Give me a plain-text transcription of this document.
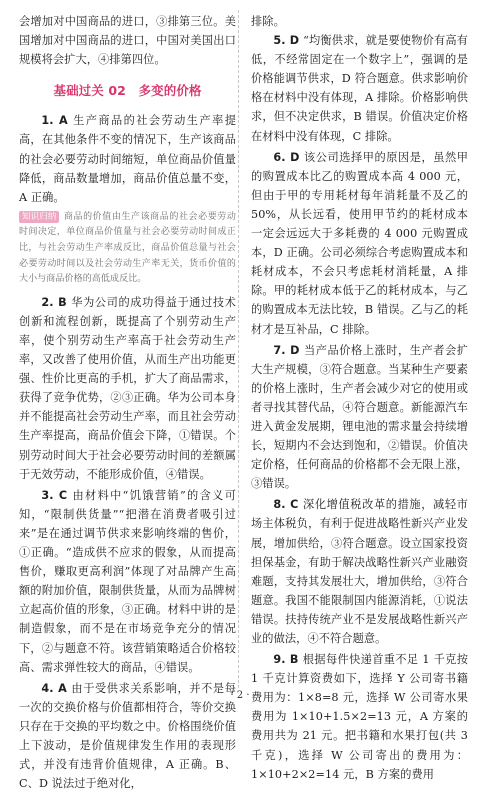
会增加对中国商品的进口，③排第三位。美国增加对中国商品的进口，中国对美国出口规模将会扩大，④排第四位。

基础过关 02　多变的价格

1. A 生产商品的社会劳动生产率提高，在其他条件不变的情况下，生产该商品的社会必要劳动时间缩短，单位商品价值量降低，商品数量增加，商品价值总量不变，A 正确。

知识归纳 商品的价值由生产该商品的社会必要劳动时间决定，单位商品价值量与社会必要劳动时间成正比，与社会劳动生产率成反比，商品价值总量与社会必要劳动时间以及社会劳动生产率无关，货币价值的大小与商品价格的高低成反比。

2. B 华为公司的成功得益于通过技术创新和流程创新，既提高了个别劳动生产率，使个别劳动生产率高于社会劳动生产率，又改善了使用价值，从而生产出功能更强、性价比更高的手机，扩大了商品需求，获得了竞争优势，②③正确。华为公司本身并不能提高社会劳动生产率，而且社会劳动生产率提高，商品价值会下降，①错误。个别劳动时间大于社会必要劳动时间的差额属于无效劳动，不能形成价值，④错误。

3. C 由材料中“饥饿营销”的含义可知，“限制供货量”“把潜在消费者吸引过来”是在通过调节供求来影响终端的售价，①正确。“造成供不应求的假象，从而提高售价，赚取更高利润”体现了对品牌产生高额的附加价值，限制供货量，从而为品牌树立起高价值的形象，③正确。材料中讲的是制造假象，而不是在市场竞争充分的情况下，②与题意不符。该营销策略适合价格较高、需求弹性较大的商品，④错误。

4. A 由于受供求关系影响，并不是每一次的交换价格与价值都相符合，等价交换只存在于交换的平均数之中。价格围绕价值上下波动，是价值规律发生作用的表现形式，并没有违背价值规律，A 正确。B、C、D 说法过于绝对化，

排除。

5. D “均衡供求，就是要使物价有高有低，不经常固定在一个数字上”，强调的是价格能调节供求，D 符合题意。供求影响价格在材料中没有体现，A 排除。价格影响供求，但不决定供求，B 错误。价值决定价格在材料中没有体现，C 排除。

6. D 该公司选择甲的原因是，虽然甲的购置成本比乙的购置成本高 4 000 元，但由于甲的专用耗材每年消耗量不及乙的 50%，从长远看，使用甲节约的耗材成本一定会远远大于多耗费的 4 000 元购置成本，D 正确。公司必须综合考虑购置成本和耗材成本，不会只考虑耗材消耗量，A 排除。甲的耗材成本低于乙的耗材成本，与乙的购置成本无法比较，B 错误。乙与乙的耗材才是互补品，C 排除。

7. D 当产品价格上涨时，生产者会扩大生产规模，③符合题意。当某种生产要素的价格上涨时，生产者会减少对它的使用或者寻找其替代品，④符合题意。新能源汽车进入黄金发展期，锂电池的需求量会持续增长，短期内不会达到饱和，②错误。价值决定价格，任何商品的价格都不会无限上涨，③错误。

8. C 深化增值税改革的措施，减轻市场主体税负，有利于促进战略性新兴产业发展，增加供给，③符合题意。设立国家投资担保基金，有助于解决战略性新兴产业融资难题，支持其发展壮大，增加供给，③符合题意。我国不能限制国内能源消耗，①说法错误。扶持传统产业不是发展战略性新兴产业的做法，④不符合题意。

9. B 根据每件快递首重不足 1 千克按 1 千克计算资费如下，选择 Y 公司寄书籍费用为：1×8=8 元，选择 W 公司寄水果费用为 1×10+1.5×2=13 元，A 方案的费用共为 21 元。把书籍和水果打包(共 3 千克)，选择 W 公司寄出的费用为：1×10+2×2=14 元，B 方案的费用

· 2 ·
